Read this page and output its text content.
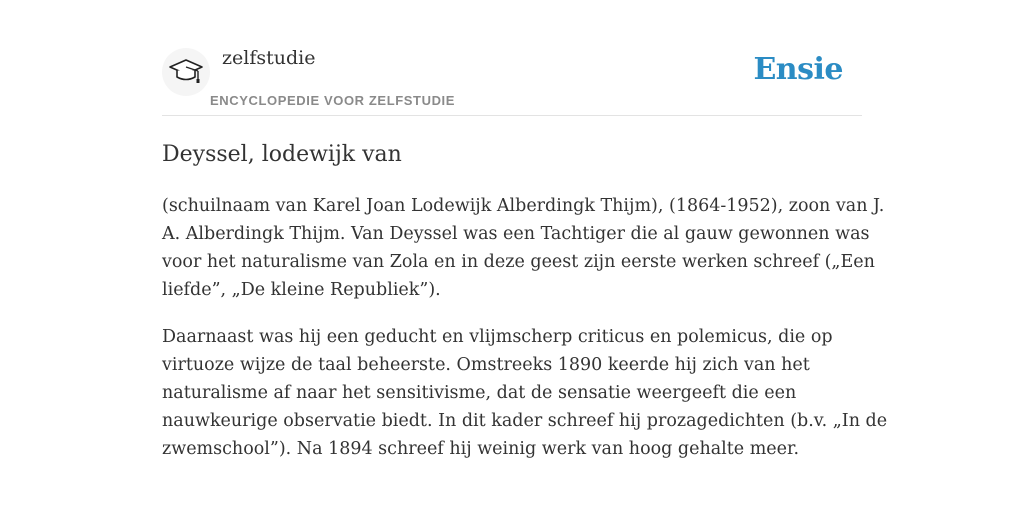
zelfstudie
ENCYCLOPEDIE VOOR ZELFSTUDIE
Ensie
Deyssel, lodewijk van

(schuilnaam van Karel Joan Lodewijk Alberdingk Thijm), (1864-1952), zoon van J.
A. Alberdingk Thijm. Van Deyssel was een Tachtiger die al gauw gewonnen was
voor het naturalisme van Zola en in deze geest zijn eerste werken schreef („Een
liefde”, „De kleine Republiek”).

Daarnaast was hij een geducht en vlijmscherp criticus en polemicus, die op
virtuoze wijze de taal beheerste. Omstreeks 1890 keerde hij zich van het
naturalisme af naar het sensitivisme, dat de sensatie weergeeft die een
nauwkeurige observatie biedt. In dit kader schreef hij prozagedichten (b.v. „In de
zwemschool”). Na 1894 schreef hij weinig werk van hoog gehalte meer.
